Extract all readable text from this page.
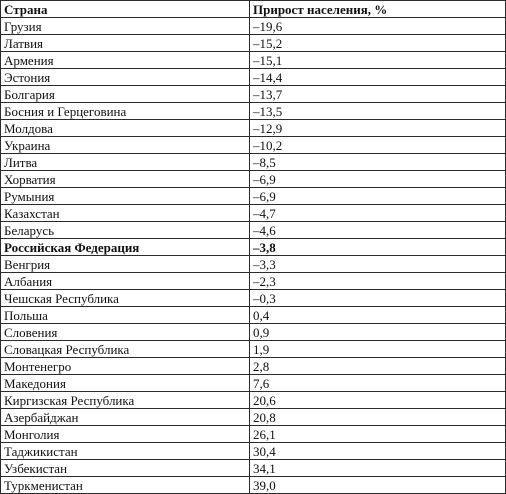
Страна	Прирост населения, %
Грузия	–19,6
Латвия	–15,2
Армения	–15,1
Эстония	–14,4
Болгария	–13,7
Босния и Герцеговина	–13,5
Молдова	–12,9
Украина	–10,2
Литва	–8,5
Хорватия	–6,9
Румыния	–6,9
Казахстан	–4,7
Беларусь	–4,6
Российская Федерация	–3,8
Венгрия	–3,3
Албания	–2,3
Чешская Республика	–0,3
Польша	0,4
Словения	0,9
Словацкая Республика	1,9
Монтенегро	2,8
Македония	7,6
Киргизская Республика	20,6
Азербайджан	20,8
Монголия	26,1
Таджикистан	30,4
Узбекистан	34,1
Туркменистан	39,0
